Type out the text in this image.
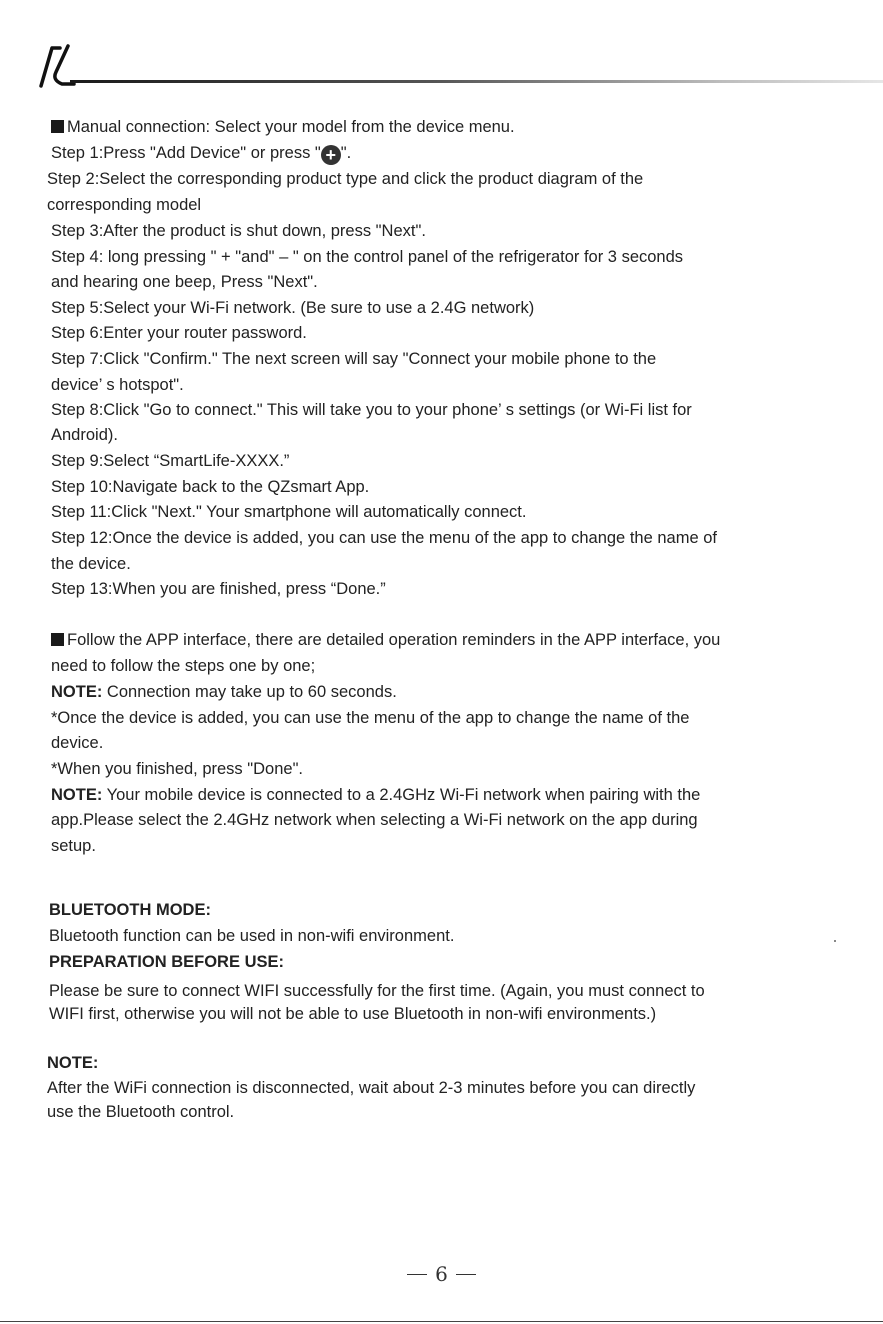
Manual connection: Select your model from the device menu.
Step 1:Press "Add Device" or press " + ".
Step 2:Select the corresponding product type and click the product diagram of the
corresponding model
Step 3:After the product is shut down, press "Next".
Step 4: long pressing " + "and" – " on the control panel of the refrigerator for 3 seconds
and hearing one beep, Press "Next".
Step 5:Select your Wi-Fi network. (Be sure to use a 2.4G network)
Step 6:Enter your router password.
Step 7:Click "Confirm." The next screen will say "Connect your mobile phone to the
device’ s hotspot".
Step 8:Click "Go to connect." This will take you to your phone’ s settings (or Wi-Fi list for
Android).
Step 9:Select “SmartLife-XXXX.”
Step 10:Navigate back to the QZsmart App.
Step 11:Click "Next." Your smartphone will automatically connect.
Step 12:Once the device is added, you can use the menu of the app to change the name of
the device.
Step 13:When you are finished, press “Done.”
Follow the APP interface, there are detailed operation reminders in the APP interface, you
need to follow the steps one by one;
NOTE: Connection may take up to 60 seconds.
*Once the device is added, you can use the menu of the app to change the name of the
device.
*When you finished, press "Done".
NOTE: Your mobile device is connected to a 2.4GHz Wi-Fi network when pairing with the
app.Please select the 2.4GHz network when selecting a Wi-Fi network on the app during
setup.
BLUETOOTH MODE:
Bluetooth function can be used in non-wifi environment.
PREPARATION BEFORE USE:
Please be sure to connect WIFI successfully for the first time. (Again, you must connect to
WIFI first, otherwise you will not be able to use Bluetooth in non-wifi environments.)
NOTE:
After the WiFi connection is disconnected, wait about 2-3 minutes before you can directly
use the Bluetooth control.
6
